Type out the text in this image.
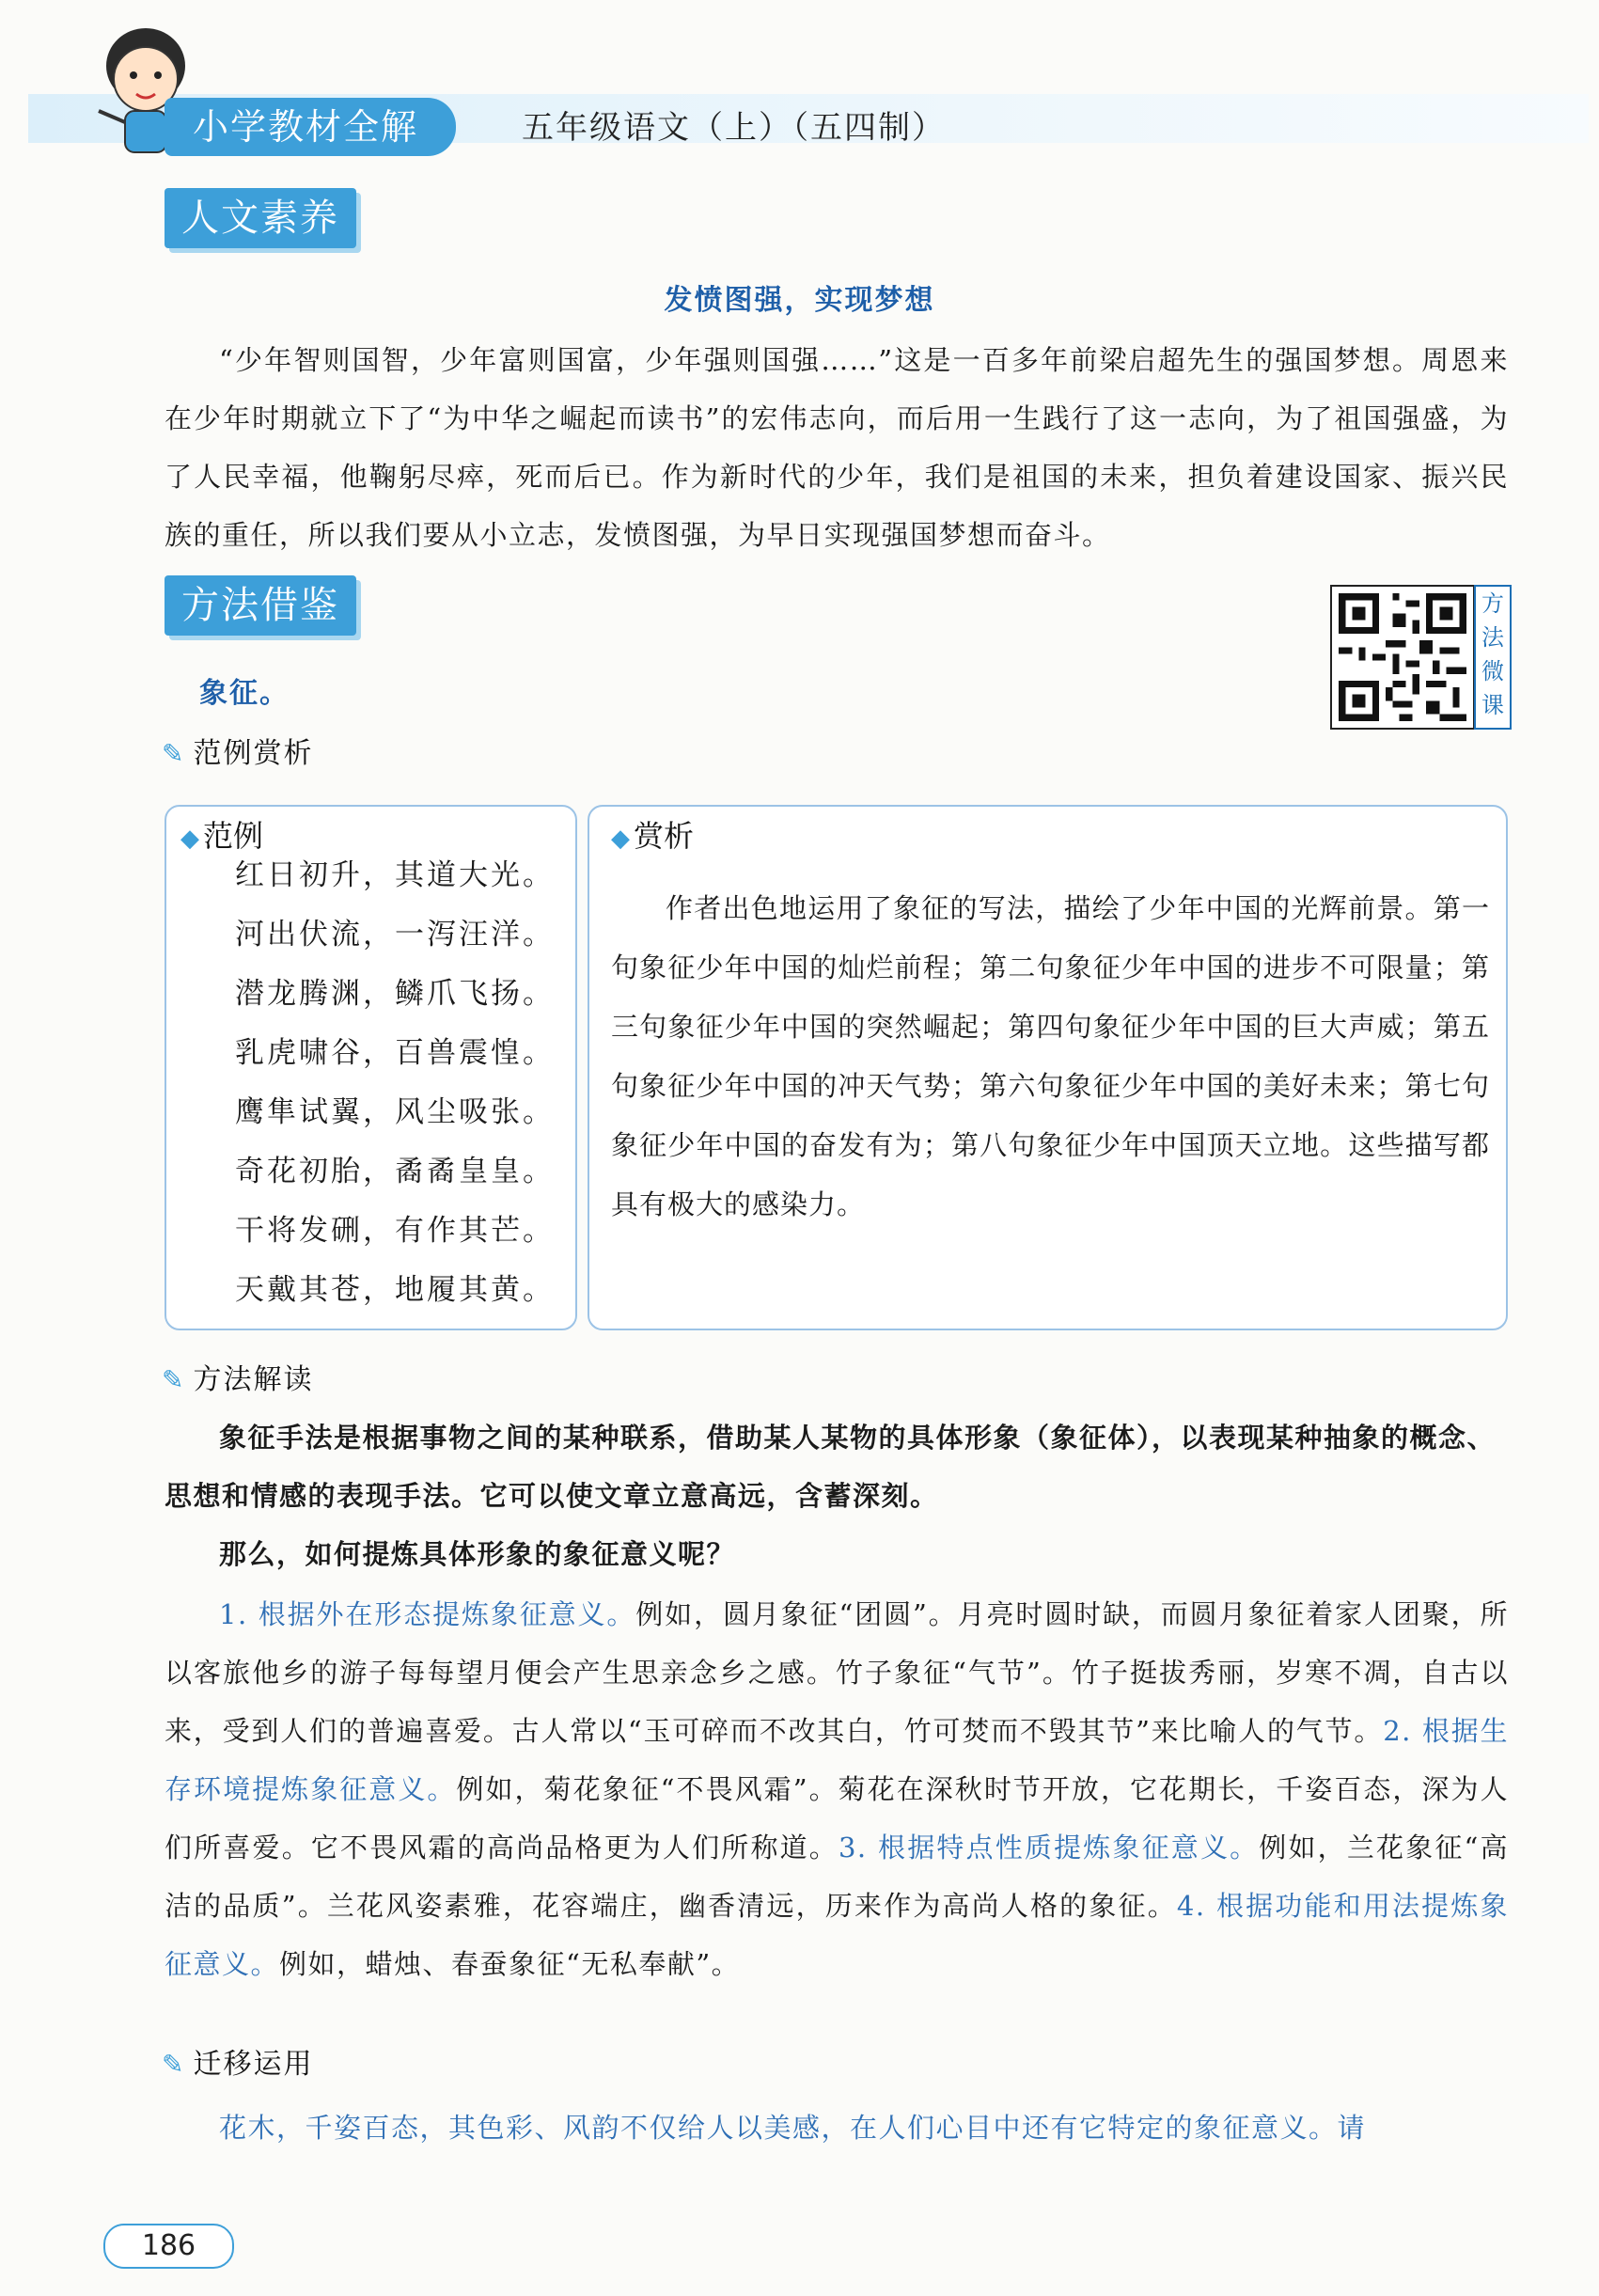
小学教材全解	五年级语文（上）（五四制）
人文素养
发愤图强，实现梦想
“少年智则国智，少年富则国富，少年强则国强……”这是一百多年前梁启超先生的强国梦想。周恩来在少年时期就立下了“为中华之崛起而读书”的宏伟志向，而后用一生践行了这一志向，为了祖国强盛，为了人民幸福，他鞠躬尽瘁，死而后已。作为新时代的少年，我们是祖国的未来，担负着建设国家、振兴民族的重任，所以我们要从小立志，发愤图强，为早日实现强国梦想而奋斗。
方法借鉴	方
法
微
课
象征。
✎ 范例赏析
◆ 范例
红日初升，其道大光。
河出伏流，一泻汪洋。
潜龙腾渊，鳞爪飞扬。
乳虎啸谷，百兽震惶。
鹰隼试翼，风尘吸张。
奇花初胎，矞矞皇皇。
干将发硎，有作其芒。
天戴其苍，地履其黄。
◆ 赏析
作者出色地运用了象征的写法，描绘了少年中国的光辉前景。第一句象征少年中国的灿烂前程；第二句象征少年中国的进步不可限量；第三句象征少年中国的突然崛起；第四句象征少年中国的巨大声威；第五句象征少年中国的冲天气势；第六句象征少年中国的美好未来；第七句象征少年中国的奋发有为；第八句象征少年中国顶天立地。这些描写都具有极大的感染力。
✎ 方法解读
象征手法是根据事物之间的某种联系，借助某人某物的具体形象（象征体），以表现某种抽象的概念、思想和情感的表现手法。它可以使文章立意高远，含蓄深刻。
那么，如何提炼具体形象的象征意义呢？
1. 根据外在形态提炼象征意义。例如，圆月象征“团圆”。月亮时圆时缺，而圆月象征着家人团聚，所以客旅他乡的游子每每望月便会产生思亲念乡之感。竹子象征“气节”。竹子挺拔秀丽，岁寒不凋，自古以来，受到人们的普遍喜爱。古人常以“玉可碎而不改其白，竹可焚而不毁其节”来比喻人的气节。2. 根据生存环境提炼象征意义。例如，菊花象征“不畏风霜”。菊花在深秋时节开放，它花期长，千姿百态，深为人们所喜爱。它不畏风霜的高尚品格更为人们所称道。3. 根据特点性质提炼象征意义。例如，兰花象征“高洁的品质”。兰花风姿素雅，花容端庄，幽香清远，历来作为高尚人格的象征。4. 根据功能和用法提炼象征意义。例如，蜡烛、春蚕象征“无私奉献”。
✎ 迁移运用
花木，千姿百态，其色彩、风韵不仅给人以美感，在人们心目中还有它特定的象征意义。请
186
